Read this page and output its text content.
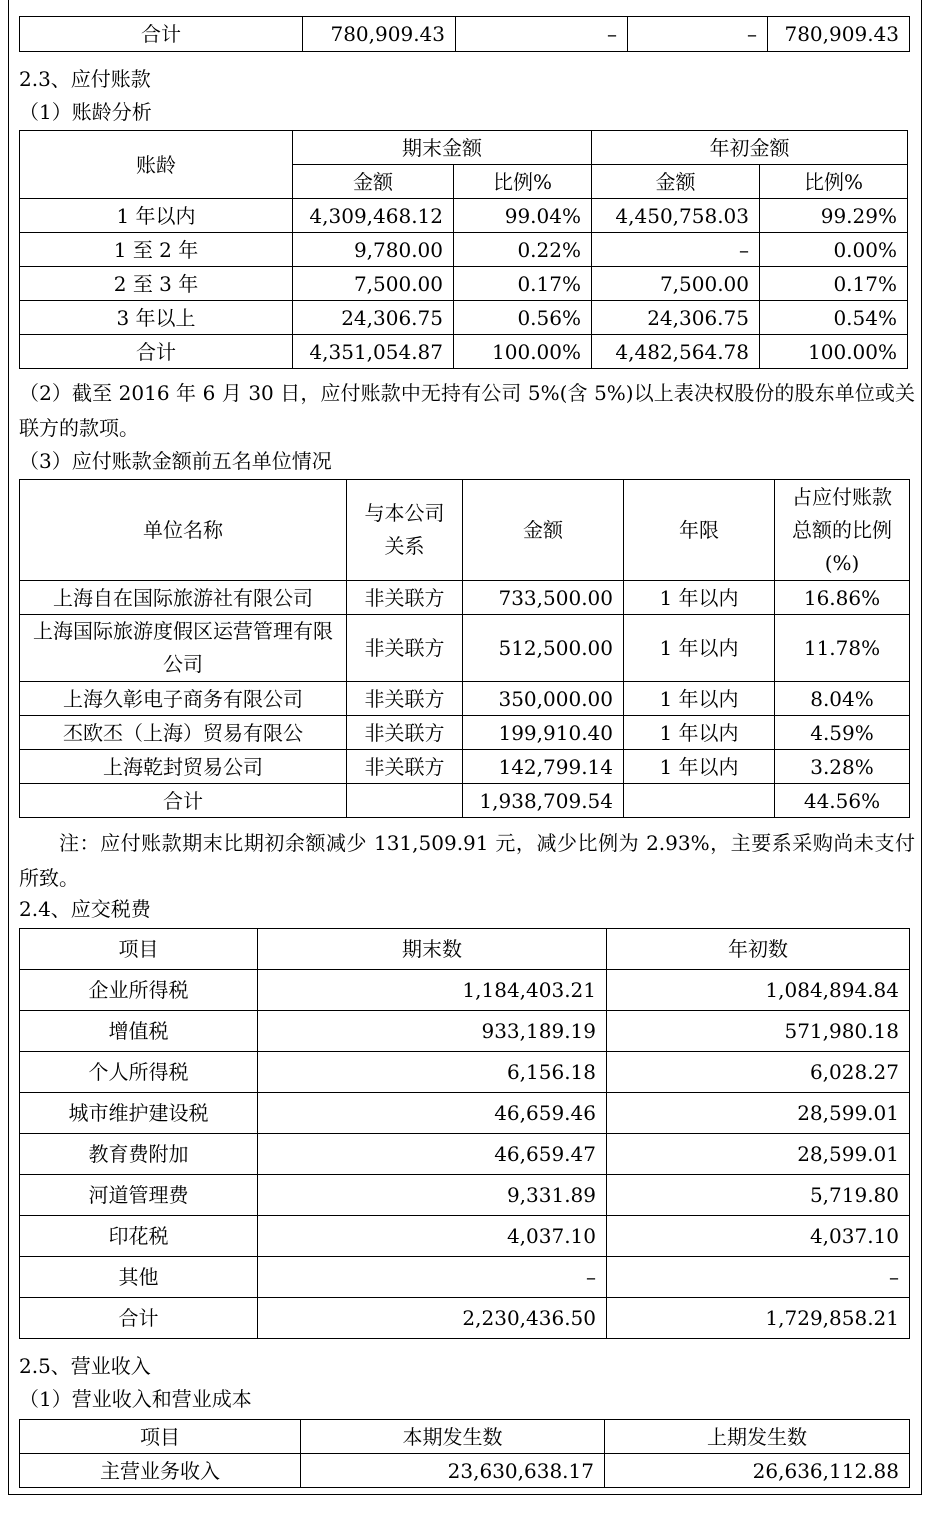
合计	780,909.43	–	–	780,909.43
2.3、应付账款
（1）账龄分析
账龄	期末金额		年初金额	
	金额	比例%	金额	比例%
1 年以内	4,309,468.12	99.04%	4,450,758.03	99.29%
1 至 2 年	9,780.00	0.22%	–	0.00%
2 至 3 年	7,500.00	0.17%	7,500.00	0.17%
3 年以上	24,306.75	0.56%	24,306.75	0.54%
合计	4,351,054.87	100.00%	4,482,564.78	100.00%
（2）截至 2016 年 6 月 30 日，应付账款中无持有公司 5%(含 5%)以上表决权股份的股东单位或关联方的款项。
（3）应付账款金额前五名单位情况
单位名称	与本公司关系	金额	年限	占应付账款总额的比例(%)
上海自在国际旅游社有限公司	非关联方	733,500.00	1 年以内	16.86%
上海国际旅游度假区运营管理有限公司	非关联方	512,500.00	1 年以内	11.78%
上海久彰电子商务有限公司	非关联方	350,000.00	1 年以内	8.04%
丕欧丕（上海）贸易有限公	非关联方	199,910.40	1 年以内	4.59%
上海乾封贸易公司	非关联方	142,799.14	1 年以内	3.28%
合计		1,938,709.54		44.56%
注：应付账款期末比期初余额减少 131,509.91 元，减少比例为 2.93%，主要系采购尚未支付所致。
2.4、应交税费
项目	期末数	年初数
企业所得税	1,184,403.21	1,084,894.84
增值税	933,189.19	571,980.18
个人所得税	6,156.18	6,028.27
城市维护建设税	46,659.46	28,599.01
教育费附加	46,659.47	28,599.01
河道管理费	9,331.89	5,719.80
印花税	4,037.10	4,037.10
其他	–	–
合计	2,230,436.50	1,729,858.21
2.5、营业收入
（1）营业收入和营业成本
项目	本期发生数	上期发生数
主营业务收入	23,630,638.17	26,636,112.88
